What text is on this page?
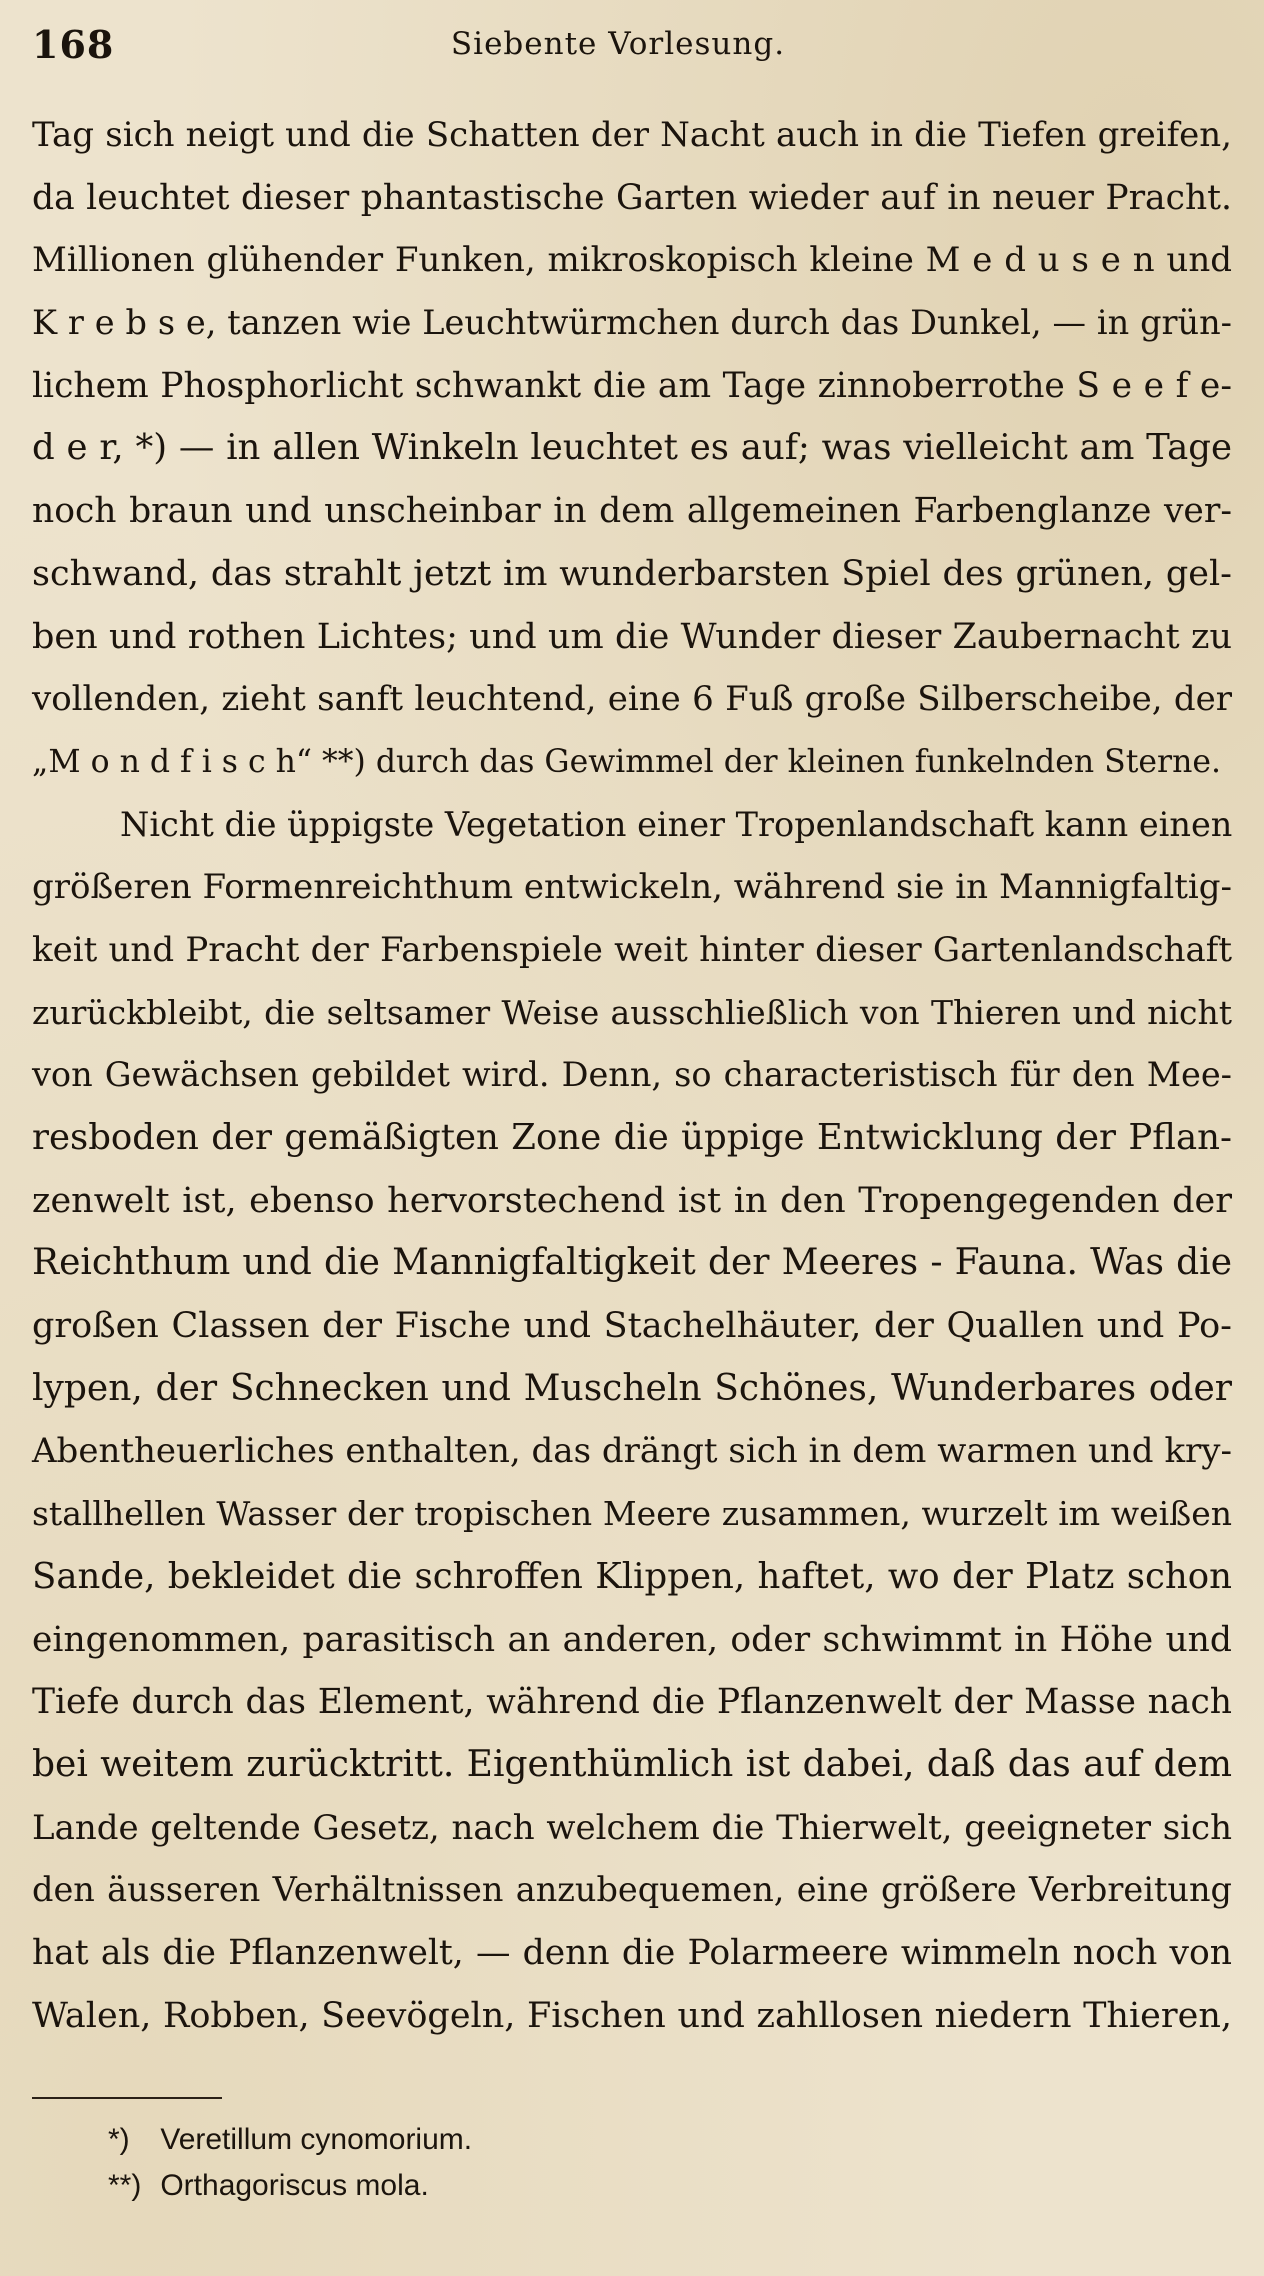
168	Siebente Vorlesung.
Tag sich neigt und die Schatten der Nacht auch in die Tiefen greifen,
da leuchtet dieser phantastische Garten wieder auf in neuer Pracht.
Millionen glühender Funken, mikroskopisch kleine M e d u s e n und
K r e b s e, tanzen wie Leuchtwürmchen durch das Dunkel, — in grün-
lichem Phosphorlicht schwankt die am Tage zinnoberrothe S e e f e-
d e r, *) — in allen Winkeln leuchtet es auf; was vielleicht am Tage
noch braun und unscheinbar in dem allgemeinen Farbenglanze ver-
schwand, das strahlt jetzt im wunderbarsten Spiel des grünen, gel-
ben und rothen Lichtes; und um die Wunder dieser Zaubernacht zu
vollenden, zieht sanft leuchtend, eine 6 Fuß große Silberscheibe, der
„M o n d f i s c h“ **) durch das Gewimmel der kleinen funkelnden Sterne.
Nicht die üppigste Vegetation einer Tropenlandschaft kann einen
größeren Formenreichthum entwickeln, während sie in Mannigfaltig-
keit und Pracht der Farbenspiele weit hinter dieser Gartenlandschaft
zurückbleibt, die seltsamer Weise ausschließlich von Thieren und nicht
von Gewächsen gebildet wird. Denn, so characteristisch für den Mee-
resboden der gemäßigten Zone die üppige Entwicklung der Pflan-
zenwelt ist, ebenso hervorstechend ist in den Tropengegenden der
Reichthum und die Mannigfaltigkeit der Meeres - Fauna. Was die
großen Classen der Fische und Stachelhäuter, der Quallen und Po-
lypen, der Schnecken und Muscheln Schönes, Wunderbares oder
Abentheuerliches enthalten, das drängt sich in dem warmen und kry-
stallhellen Wasser der tropischen Meere zusammen, wurzelt im weißen
Sande, bekleidet die schroffen Klippen, haftet, wo der Platz schon
eingenommen, parasitisch an anderen, oder schwimmt in Höhe und
Tiefe durch das Element, während die Pflanzenwelt der Masse nach
bei weitem zurücktritt. Eigenthümlich ist dabei, daß das auf dem
Lande geltende Gesetz, nach welchem die Thierwelt, geeigneter sich
den äusseren Verhältnissen anzubequemen, eine größere Verbreitung
hat als die Pflanzenwelt, — denn die Polarmeere wimmeln noch von
Walen, Robben, Seevögeln, Fischen und zahllosen niedern Thieren,
*) Veretillum cynomorium.
**) Orthagoriscus mola.
